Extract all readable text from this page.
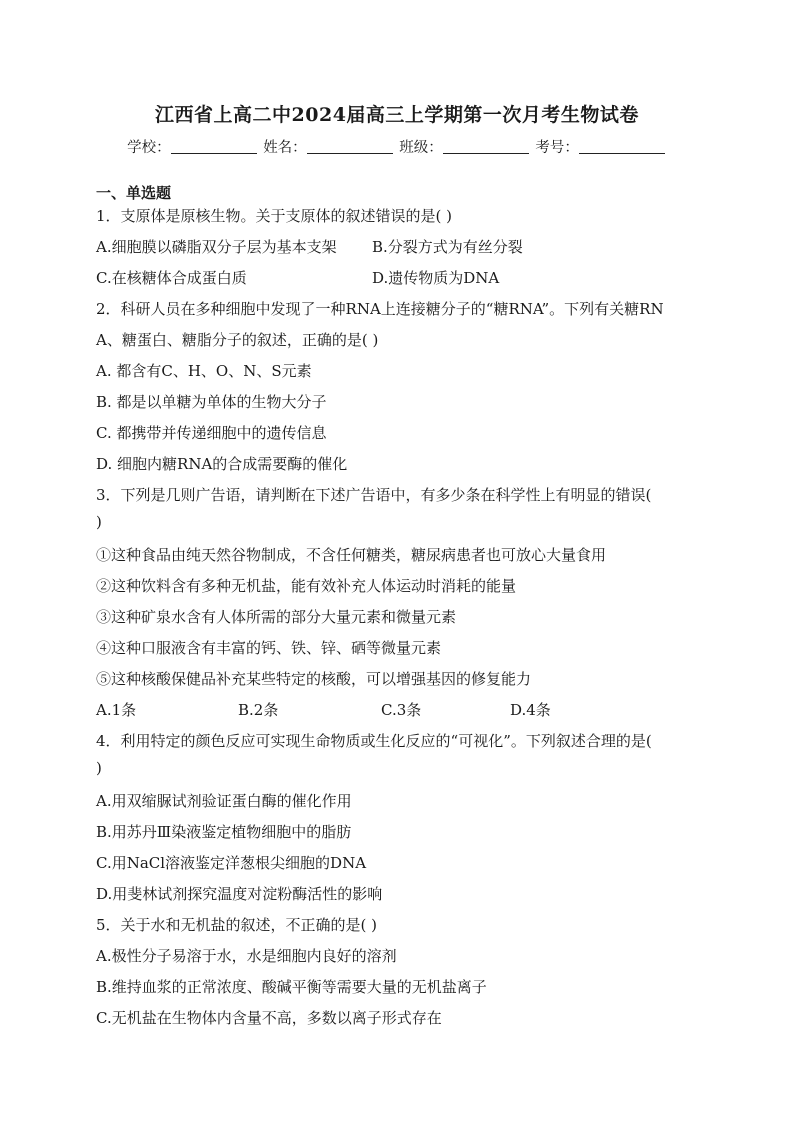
江西省上高二中2024届高三上学期第一次月考生物试卷
学校：	姓名：	班级：	考号：
一、单选题
1．支原体是原核生物。关于支原体的叙述错误的是( )
A.细胞膜以磷脂双分子层为基本支架 B.分裂方式为有丝分裂
C.在核糖体合成蛋白质	D.遗传物质为DNA
2．科研人员在多种细胞中发现了一种RNA上连接糖分子的“糖RNA”。下列有关糖RN
A、糖蛋白、糖脂分子的叙述，正确的是( )
A. 都含有C、H、O、N、S元素
B. 都是以单糖为单体的生物大分子
C. 都携带并传递细胞中的遗传信息
D. 细胞内糖RNA的合成需要酶的催化
3．下列是几则广告语，请判断在下述广告语中，有多少条在科学性上有明显的错误(
)
①这种食品由纯天然谷物制成，不含任何糖类，糖尿病患者也可放心大量食用
②这种饮料含有多种无机盐，能有效补充人体运动时消耗的能量
③这种矿泉水含有人体所需的部分大量元素和微量元素
④这种口服液含有丰富的钙、铁、锌、硒等微量元素
⑤这种核酸保健品补充某些特定的核酸，可以增强基因的修复能力
A.1条	B.2条	C.3条	D.4条
4．利用特定的颜色反应可实现生命物质或生化反应的“可视化”。下列叙述合理的是(
)
A.用双缩脲试剂验证蛋白酶的催化作用
B.用苏丹Ⅲ染液鉴定植物细胞中的脂肪
C.用NaCl溶液鉴定洋葱根尖细胞的DNA
D.用斐林试剂探究温度对淀粉酶活性的影响
5．关于水和无机盐的叙述，不正确的是( )
A.极性分子易溶于水，水是细胞内良好的溶剂
B.维持血浆的正常浓度、酸碱平衡等需要大量的无机盐离子
C.无机盐在生物体内含量不高，多数以离子形式存在
